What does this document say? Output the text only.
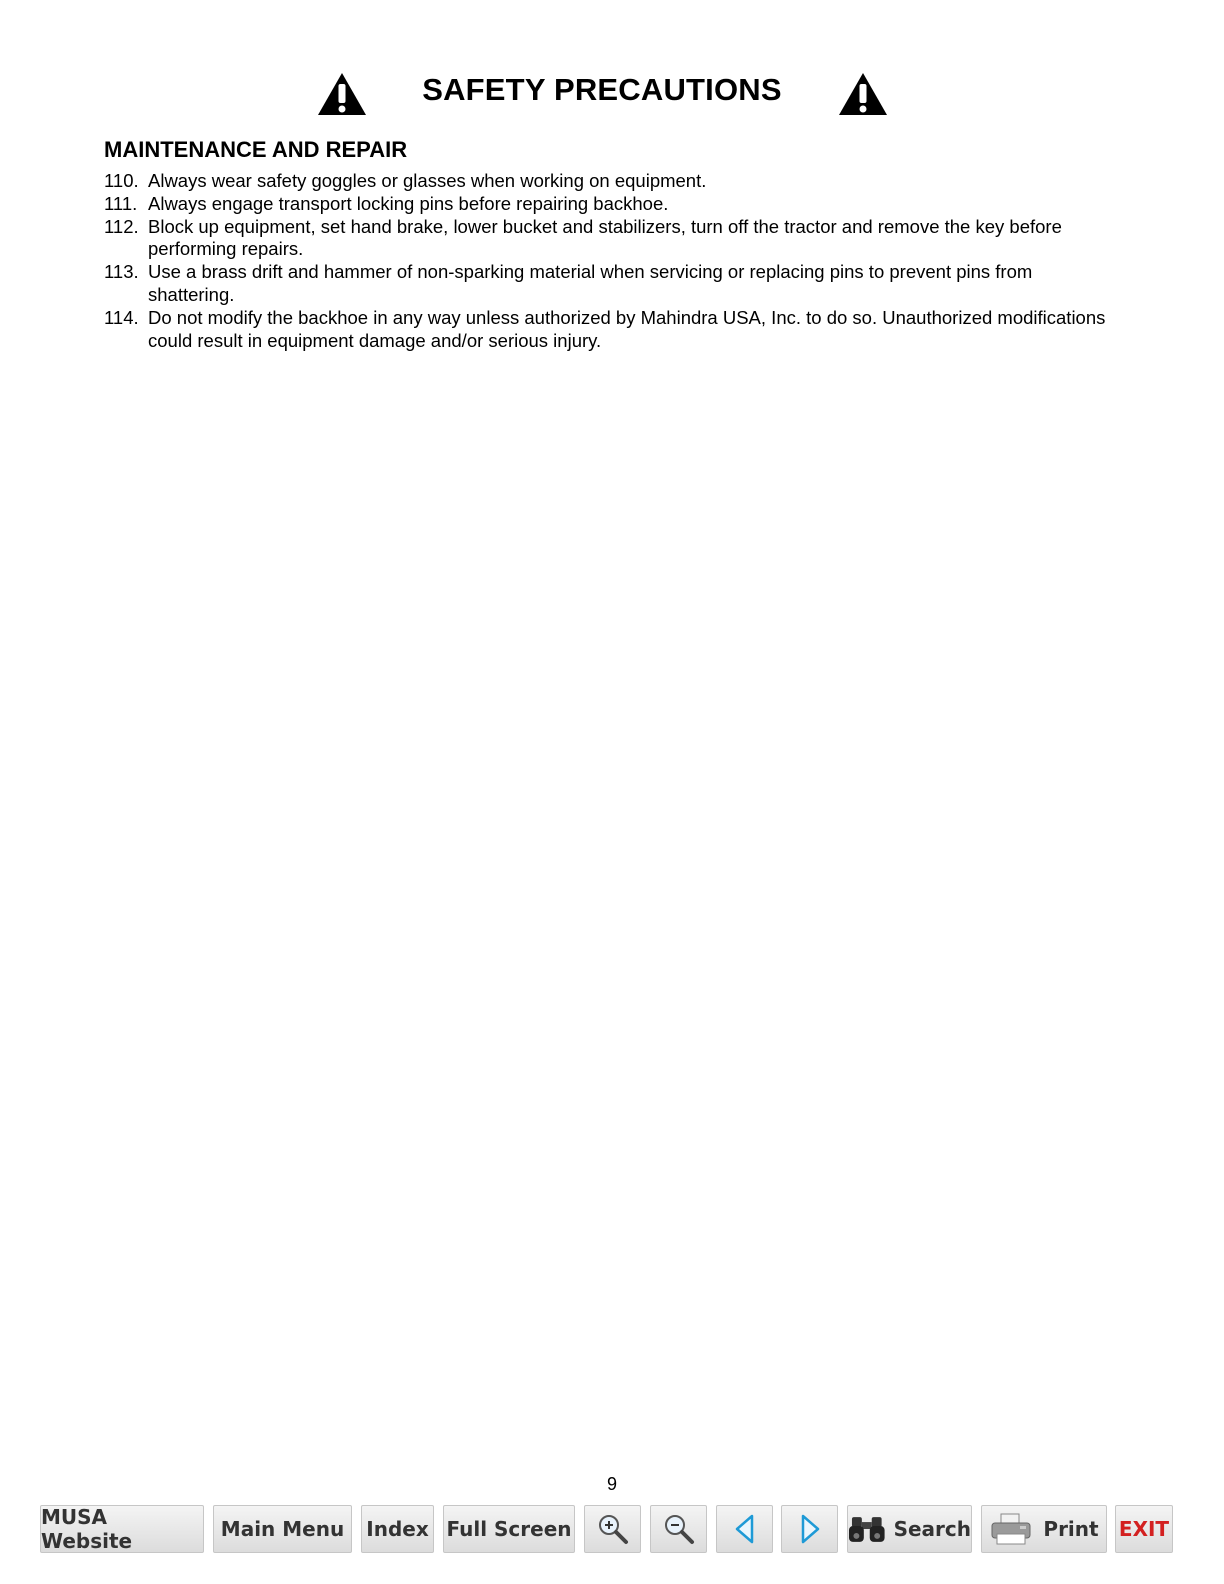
SAFETY PRECAUTIONS
MAINTENANCE AND REPAIR
110. Always wear safety goggles or glasses when working on equipment.
111. Always engage transport locking pins before repairing backhoe.
112. Block up equipment, set hand brake, lower bucket and stabilizers, turn off the tractor and remove the key before performing repairs.
113. Use a brass drift and hammer of non-sparking material when servicing or replacing pins to prevent pins from shattering.
114. Do not modify the backhoe in any way unless authorized by Mahindra USA, Inc. to do so. Unauthorized modifications could result in equipment damage and/or serious injury.
9
MUSA Website	Main Menu Index Full Screen	Search	Print EXIT
